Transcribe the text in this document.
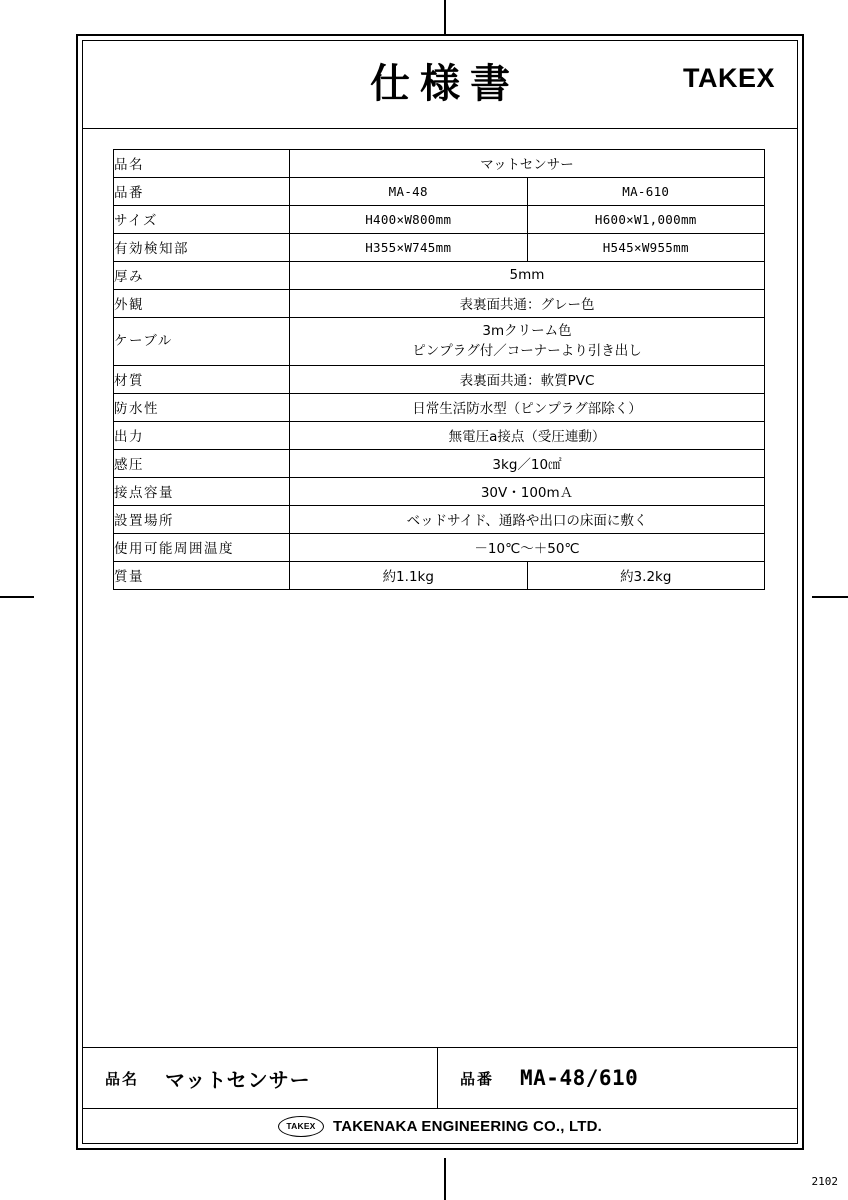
仕様書	TAKEX
品名	マットセンサー	
品番	MA-48	MA-610
サイズ	H400×W800mm	H600×W1,000mm
有効検知部	H355×W745mm	H545×W955mm
厚み	5mm	
外観	表裏面共通：グレー色	
ケーブル	3mクリーム色
ピンプラグ付／コーナーより引き出し	

材質	表裏面共通：軟質PVC	
防水性	日常生活防水型（ピンプラグ部除く）	
出力	無電圧a接点（受圧連動）	
感圧	3kg／10㎠	
接点容量	30V・100mＡ	
設置場所	ベッドサイド、通路や出口の床面に敷く	
使用可能周囲温度	－10℃～＋50℃	
質量	約1.1kg	約3.2kg
品名	マットセンサー	品番	MA-48/610
TAKEX	TAKENAKA ENGINEERING CO., LTD.
2102
